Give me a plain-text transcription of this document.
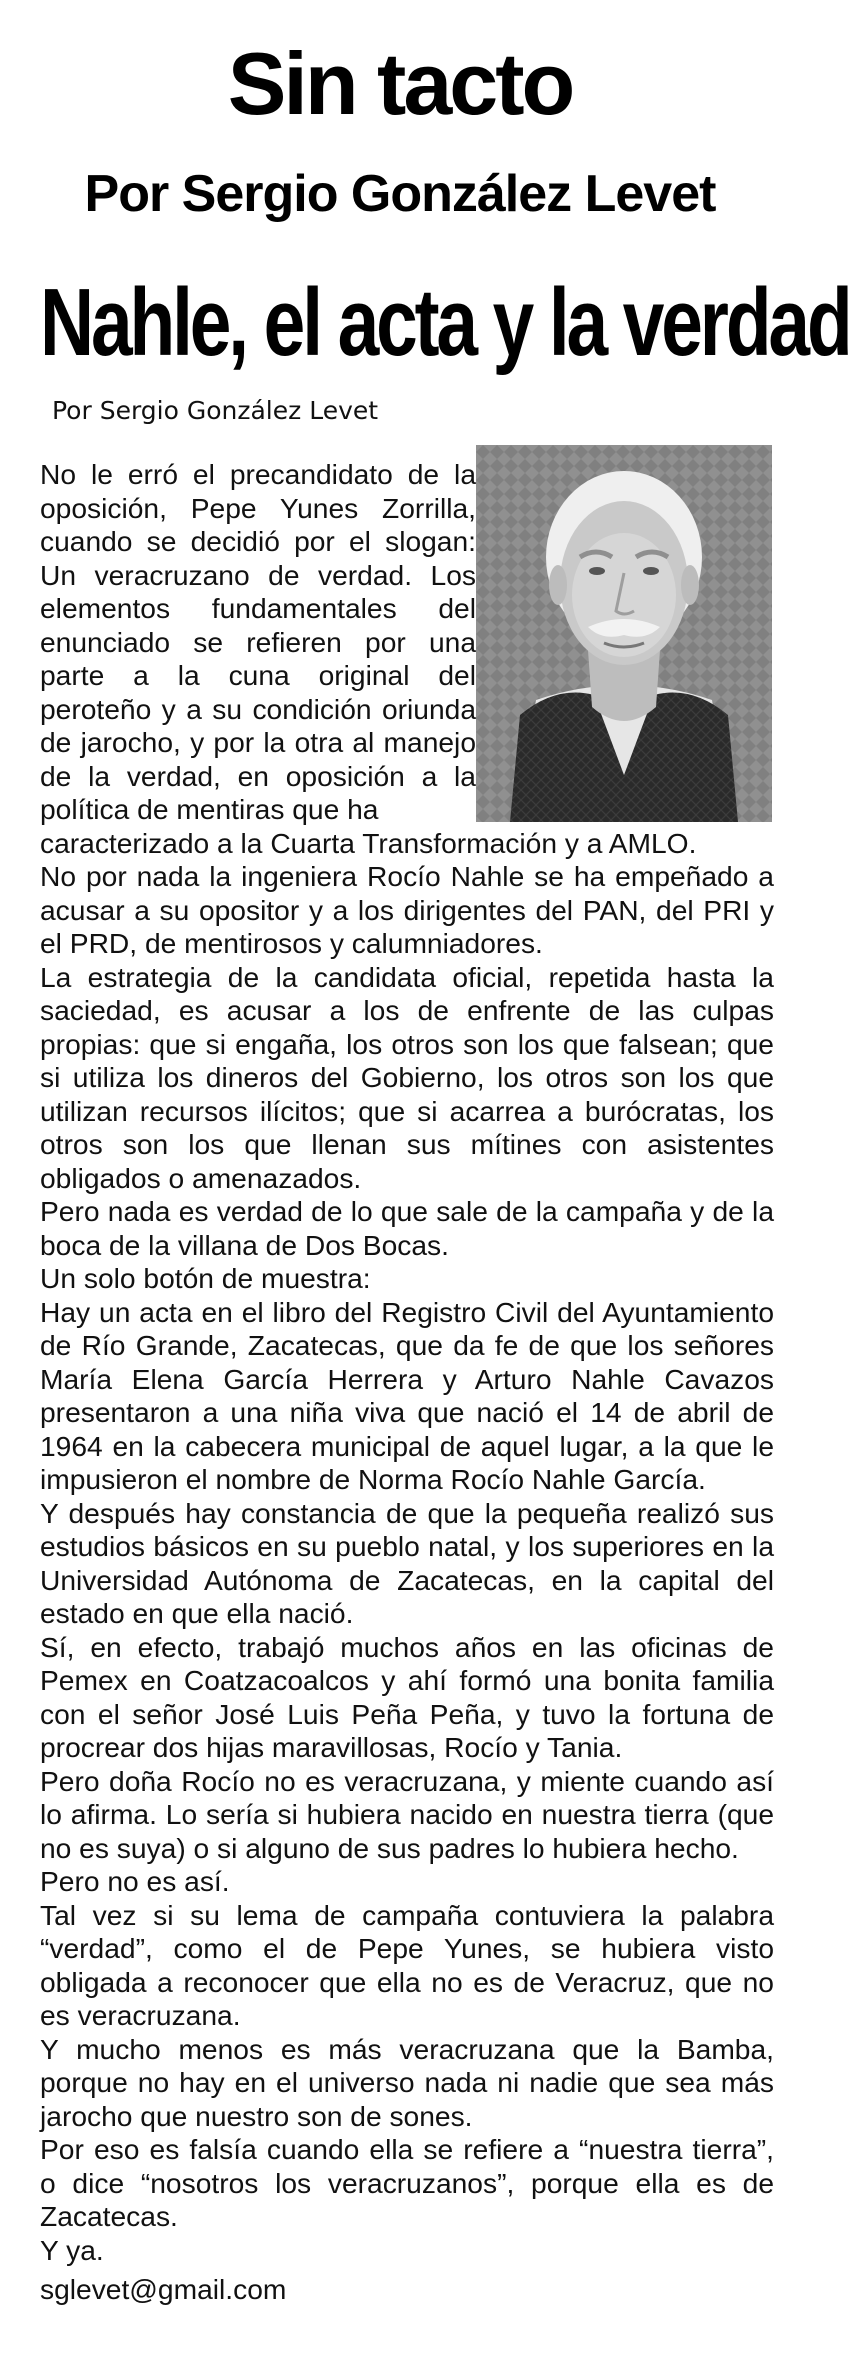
Sin tacto
Por Sergio González Levet
Nahle, el acta y la verdad
Por Sergio González Levet

No le erró el precandidato de la oposición, Pepe Yunes Zorrilla, cuando se decidió por el slogan: Un veracruzano de verdad. Los elementos fundamentales del enunciado se refieren por una parte a la cuna original del peroteño y a su condición oriunda de jarocho, y por la otra al manejo de la verdad, en oposición a la política de mentiras que ha

caracterizado a la Cuarta Transformación y a AMLO.

No por nada la ingeniera Rocío Nahle se ha empeñado a acusar a su opositor y a los dirigentes del PAN, del PRI y el PRD, de mentirosos y calumniadores.

La estrategia de la candidata oficial, repetida hasta la saciedad, es acusar a los de enfrente de las culpas propias: que si engaña, los otros son los que falsean; que si utiliza los dineros del Gobierno, los otros son los que utilizan recursos ilícitos; que si acarrea a burócratas, los otros son los que llenan sus mítines con asistentes obligados o amenazados.

Pero nada es verdad de lo que sale de la campaña y de la boca de la villana de Dos Bocas.

Un solo botón de muestra:

Hay un acta en el libro del Registro Civil del Ayuntamiento de Río Grande, Zacatecas, que da fe de que los señores María Elena García Herrera y Arturo Nahle Cavazos presentaron a una niña viva que nació el 14 de abril de 1964 en la cabecera municipal de aquel lugar, a la que le impusieron el nombre de Norma Rocío Nahle García.

Y después hay constancia de que la pequeña realizó sus estudios básicos en su pueblo natal, y los superiores en la Universidad Autónoma de Zacatecas, en la capital del estado en que ella nació.

Sí, en efecto, trabajó muchos años en las oficinas de Pemex en Coatzacoalcos y ahí formó una bonita familia con el señor José Luis Peña Peña, y tuvo la fortuna de procrear dos hijas maravillosas, Rocío y Tania.

Pero doña Rocío no es veracruzana, y miente cuando así lo afirma. Lo sería si hubiera nacido en nuestra tierra (que no es suya) o si alguno de sus padres lo hubiera hecho.

Pero no es así.

Tal vez si su lema de campaña contuviera la palabra “verdad”, como el de Pepe Yunes, se hubiera visto obligada a reconocer que ella no es de Veracruz, que no es veracruzana.

Y mucho menos es más veracruzana que la Bamba, porque no hay en el universo nada ni nadie que sea más jarocho que nuestro son de sones.

Por eso es falsía cuando ella se refiere a “nuestra tierra”, o dice “nosotros los veracruzanos”, porque ella es de Zacatecas.

Y ya.

sglevet@gmail.com
